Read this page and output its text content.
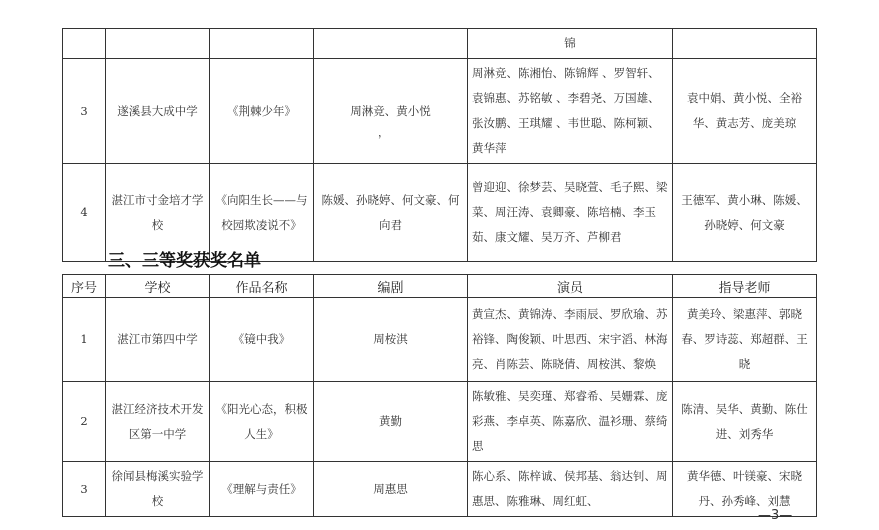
				锦	
3	遂溪县大成中学	《荆棘少年》	周淋竞、黄小悦	周淋竞、陈湘怡、陈锦辉 、罗智轩、袁锦惠、苏铭敏 、李碧尧、万国雄、张汝鹏、王琪耀 、韦世聪、陈柯颖、黄华萍	袁中娟、黄小悦、全裕华、黄志芳、庞美琼
4	湛江市寸金培才学校	《向阳生长——与校园欺凌说不》	陈媛、孙晓婷、何文豪、何向君	曾迎迎、徐梦芸、吴晓萱、毛子熙、梁菜、周汪涛、袁卿豪、陈培楠、李玉茹、康文耀、吴万齐、芦柳君	王德军、黄小琳、陈媛、孙晓婷、何文豪
，
三、三等奖获奖名单
序号	学校	作品名称	编剧	演员	指导老师
1	湛江市第四中学	《镜中我》	周桉淇	黄宣杰、黄锦涛、李雨辰、罗欣瑜、苏裕锋、陶俊颖、叶思西、宋宇滔、林海亮、肖陈芸、陈晓倩、周桉淇、黎焕	黄美玲、梁惠萍、郭晓春、罗诗蕊、郑超群、王晓
2	湛江经济技术开发区第一中学	《阳光心态，积极人生》	黄勤	陈敏雅、吴奕瑾、郑睿希、吴姗霖、庞彩燕、李卓英、陈嘉欣、温衫珊、蔡绮思	陈清、吴华、黄勤、陈仕进、刘秀华
3	徐闻县梅溪实验学校	《理解与责任》	周惠思	陈心系、陈梓诚、侯邦基、翁达钊、周惠思、陈雅琳、周红虹、	黄华德、叶镁豪、宋晓丹、孙秀峰、刘慧
—3—
